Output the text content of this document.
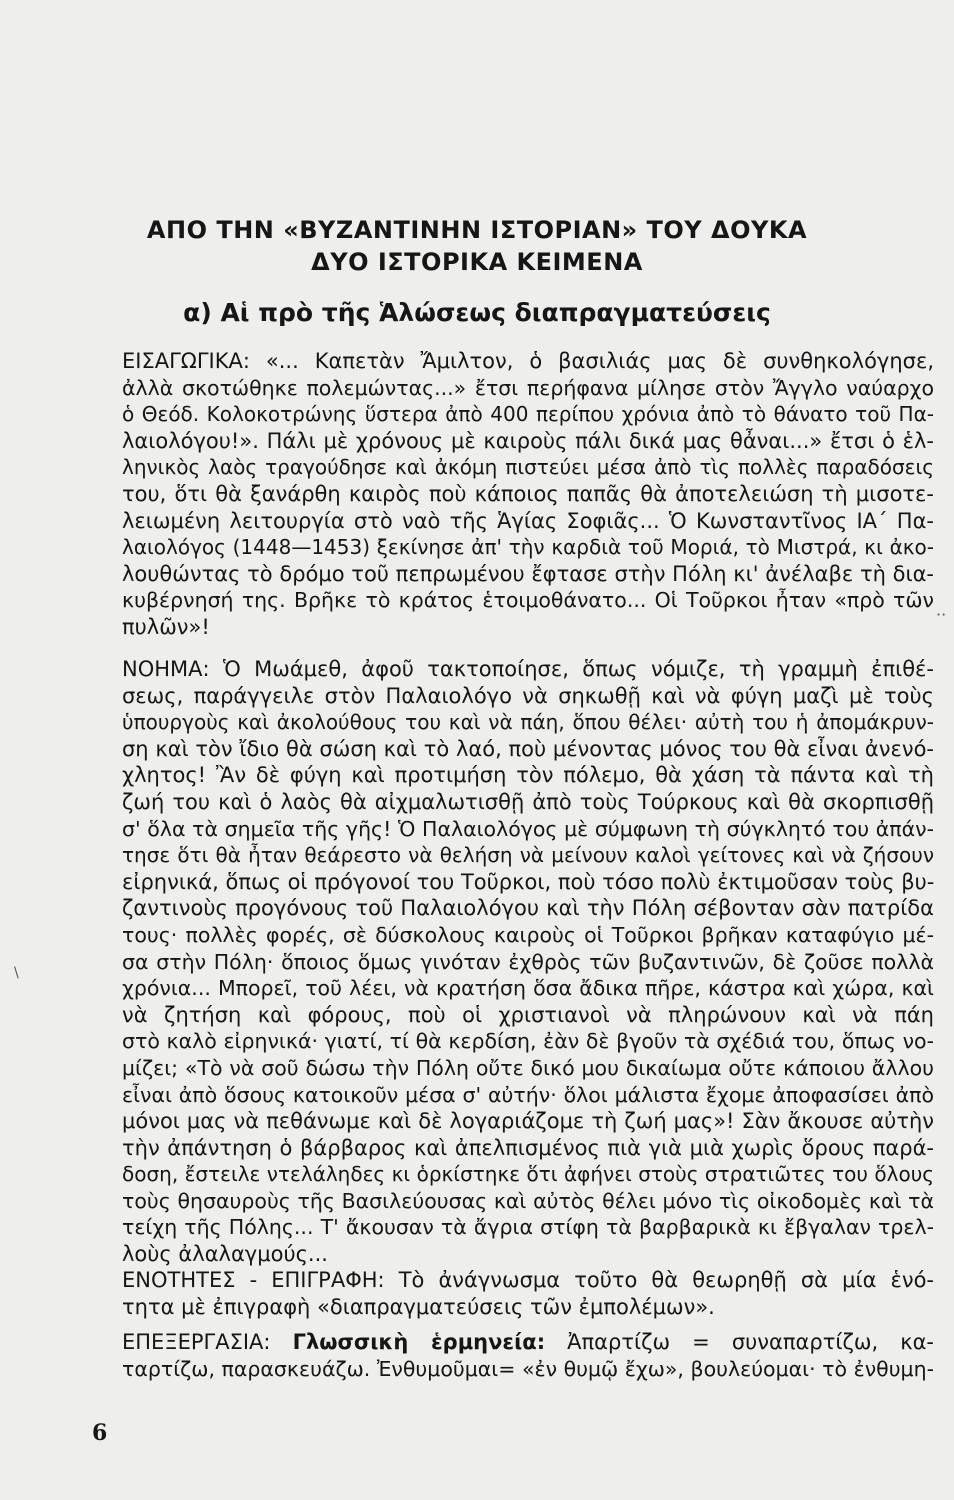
ΑΠΟ ΤΗΝ «ΒΥΖΑΝΤΙΝΗΝ ΙΣΤΟΡΙΑΝ» ΤΟΥ ΔΟΥΚΑ
ΔΥΟ ΙΣΤΟΡΙΚΑ ΚΕΙΜΕΝΑ
α) Αἱ πρὸ τῆς Ἁλώσεως διαπραγματεύσεις
ΕΙΣΑΓΩΓΙΚΑ: «... Καπετὰν Ἄμιλτον, ὁ βασιλιάς μας δὲ συνθηκολόγησε,
ἀλλὰ σκοτώθηκε πολεμώντας...» ἔτσι περήφανα μίλησε στὸν Ἄγγλο ναύαρχο
ὁ Θεόδ. Κολοκοτρώνης ὕστερα ἀπὸ 400 περίπου χρόνια ἀπὸ τὸ θάνατο τοῦ Πα-
λαιολόγου!». Πάλι μὲ χρόνους μὲ καιροὺς πάλι δικά μας θἆναι...» ἔτσι ὁ ἑλ-
ληνικὸς λαὸς τραγούδησε καὶ ἀκόμη πιστεύει μέσα ἀπὸ τὶς πολλὲς παραδόσεις
του, ὅτι θὰ ξανάρθη καιρὸς ποὺ κάποιος παπᾶς θὰ ἀποτελειώση τὴ μισοτε-
λειωμένη λειτουργία στὸ ναὸ τῆς Ἁγίας Σοφιᾶς... Ὁ Κωνσταντῖνος ΙΑ΄ Πα-
λαιολόγος (1448—1453) ξεκίνησε ἀπ' τὴν καρδιὰ τοῦ Μοριά, τὸ Μιστρά, κι ἀκο-
λουθώντας τὸ δρόμο τοῦ πεπρωμένου ἔφτασε στὴν Πόλη κι' ἀνέλαβε τὴ δια-
κυβέρνησή της. Βρῆκε τὸ κράτος ἑτοιμοθάνατο... Οἱ Τοῦρκοι ἦταν «πρὸ τῶν
πυλῶν»!
ΝΟΗΜΑ: Ὁ Μωάμεθ, ἀφοῦ τακτοποίησε, ὅπως νόμιζε, τὴ γραμμὴ ἐπιθέ-
σεως, παράγγειλε στὸν Παλαιολόγο νὰ σηκωθῇ καὶ νὰ φύγη μαζὶ μὲ τοὺς
ὑπουργοὺς καὶ ἀκολούθους του καὶ νὰ πάη, ὅπου θέλει· αὐτὴ του ἡ ἀπομάκρυν-
ση καὶ τὸν ἴδιο θὰ σώση καὶ τὸ λαό, ποὺ μένοντας μόνος του θὰ εἶναι ἀνενό-
χλητος! Ἂν δὲ φύγη καὶ προτιμήση τὸν πόλεμο, θὰ χάση τὰ πάντα καὶ τὴ
ζωή του καὶ ὁ λαὸς θὰ αἰχμαλωτισθῇ ἀπὸ τοὺς Τούρκους καὶ θὰ σκορπισθῇ
σ' ὅλα τὰ σημεῖα τῆς γῆς! Ὁ Παλαιολόγος μὲ σύμφωνη τὴ σύγκλητό του ἀπάν-
τησε ὅτι θὰ ἦταν θεάρεστο νὰ θελήση νὰ μείνουν καλοὶ γείτονες καὶ νὰ ζήσουν
εἰρηνικά, ὅπως οἱ πρόγονοί του Τοῦρκοι, ποὺ τόσο πολὺ ἐκτιμοῦσαν τοὺς βυ-
ζαντινοὺς προγόνους τοῦ Παλαιολόγου καὶ τὴν Πόλη σέβονταν σὰν πατρίδα
τους· πολλὲς φορές, σὲ δύσκολους καιροὺς οἱ Τοῦρκοι βρῆκαν καταφύγιο μέ-
σα στὴν Πόλη· ὅποιος ὅμως γινόταν ἐχθρὸς τῶν βυζαντινῶν, δὲ ζοῦσε πολλὰ
χρόνια... Μπορεῖ, τοῦ λέει, νὰ κρατήση ὅσα ἄδικα πῆρε, κάστρα καὶ χώρα, καὶ
νὰ ζητήση καὶ φόρους, ποὺ οἱ χριστιανοὶ νὰ πληρώνουν καὶ νὰ πάη
στὸ καλὸ εἰρηνικά· γιατί, τί θὰ κερδίση, ἐὰν δὲ βγοῦν τὰ σχέδιά του, ὅπως νο-
μίζει; «Τὸ νὰ σοῦ δώσω τὴν Πόλη οὔτε δικό μου δικαίωμα οὔτε κάποιου ἄλλου
εἶναι ἀπὸ ὅσους κατοικοῦν μέσα σ' αὐτήν· ὅλοι μάλιστα ἔχομε ἀποφασίσει ἀπὸ
μόνοι μας νὰ πεθάνωμε καὶ δὲ λογαριάζομε τὴ ζωή μας»! Σὰν ἄκουσε αὐτὴν
τὴν ἀπάντηση ὁ βάρβαρος καὶ ἀπελπισμένος πιὰ γιὰ μιὰ χωρὶς ὅρους παρά-
δοση, ἔστειλε ντελάληδες κι ὁρκίστηκε ὅτι ἀφήνει στοὺς στρατιῶτες του ὅλους
τοὺς θησαυροὺς τῆς Βασιλεύουσας καὶ αὐτὸς θέλει μόνο τὶς οἰκοδομὲς καὶ τὰ
τείχη τῆς Πόλης... Τ' ἄκουσαν τὰ ἄγρια στίφη τὰ βαρβαρικὰ κι ἔβγαλαν τρελ-
λοὺς ἀλαλαγμούς...
ΕΝΟΤΗΤΕΣ - ΕΠΙΓΡΑΦΗ: Τὸ ἀνάγνωσμα τοῦτο θὰ θεωρηθῇ σὰ μία ἑνό-
τητα μὲ ἐπιγραφὴ «διαπραγματεύσεις τῶν ἐμπολέμων».
ΕΠΕΞΕΡΓΑΣΙΑ: Γλωσσικὴ ἑρμηνεία: Ἀπαρτίζω = συναπαρτίζω, κα-
ταρτίζω, παρασκευάζω. Ἐνθυμοῦμαι= «ἐν θυμῷ ἔχω», βουλεύομαι· τὸ ἐνθυμη-
6
··
\
